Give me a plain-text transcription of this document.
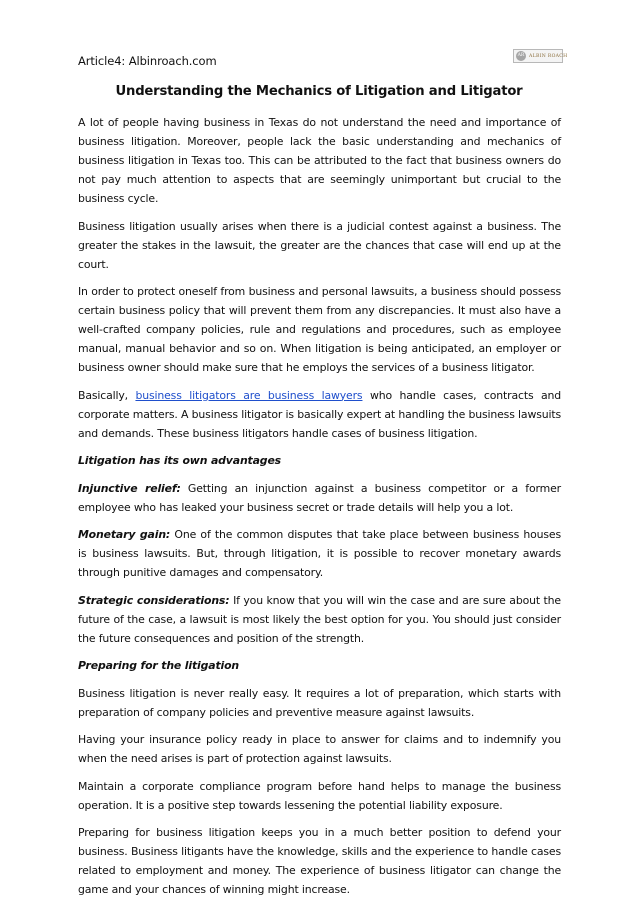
Article4: Albinroach.com	AR	ALBIN ROACH
Understanding the Mechanics of Litigation and Litigator

A lot of people having business in Texas do not understand the need and importance of business litigation. Moreover, people lack the basic understanding and mechanics of business litigation in Texas too. This can be attributed to the fact that business owners do not pay much attention to aspects that are seemingly unimportant but crucial to the business cycle.

Business litigation usually arises when there is a judicial contest against a business. The greater the stakes in the lawsuit, the greater are the chances that case will end up at the court.

In order to protect oneself from business and personal lawsuits, a business should possess certain business policy that will prevent them from any discrepancies. It must also have a well-crafted company policies, rule and regulations and procedures, such as employee manual, manual behavior and so on. When litigation is being anticipated, an employer or business owner should make sure that he employs the services of a business litigator.

Basically, business litigators are business lawyers who handle cases, contracts and corporate matters. A business litigator is basically expert at handling the business lawsuits and demands. These business litigators handle cases of business litigation.

Litigation has its own advantages

Injunctive relief: Getting an injunction against a business competitor or a former employee who has leaked your business secret or trade details will help you a lot.

Monetary gain: One of the common disputes that take place between business houses is business lawsuits. But, through litigation, it is possible to recover monetary awards through punitive damages and compensatory.

Strategic considerations: If you know that you will win the case and are sure about the future of the case, a lawsuit is most likely the best option for you. You should just consider the future consequences and position of the strength.

Preparing for the litigation

Business litigation is never really easy. It requires a lot of preparation, which starts with preparation of company policies and preventive measure against lawsuits.

Having your insurance policy ready in place to answer for claims and to indemnify you when the need arises is part of protection against lawsuits.

Maintain a corporate compliance program before hand helps to manage the business operation. It is a positive step towards lessening the potential liability exposure.

Preparing for business litigation keeps you in a much better position to defend your business. Business litigants have the knowledge, skills and the experience to handle cases related to employment and money. The experience of business litigator can change the game and your chances of winning might increase.
